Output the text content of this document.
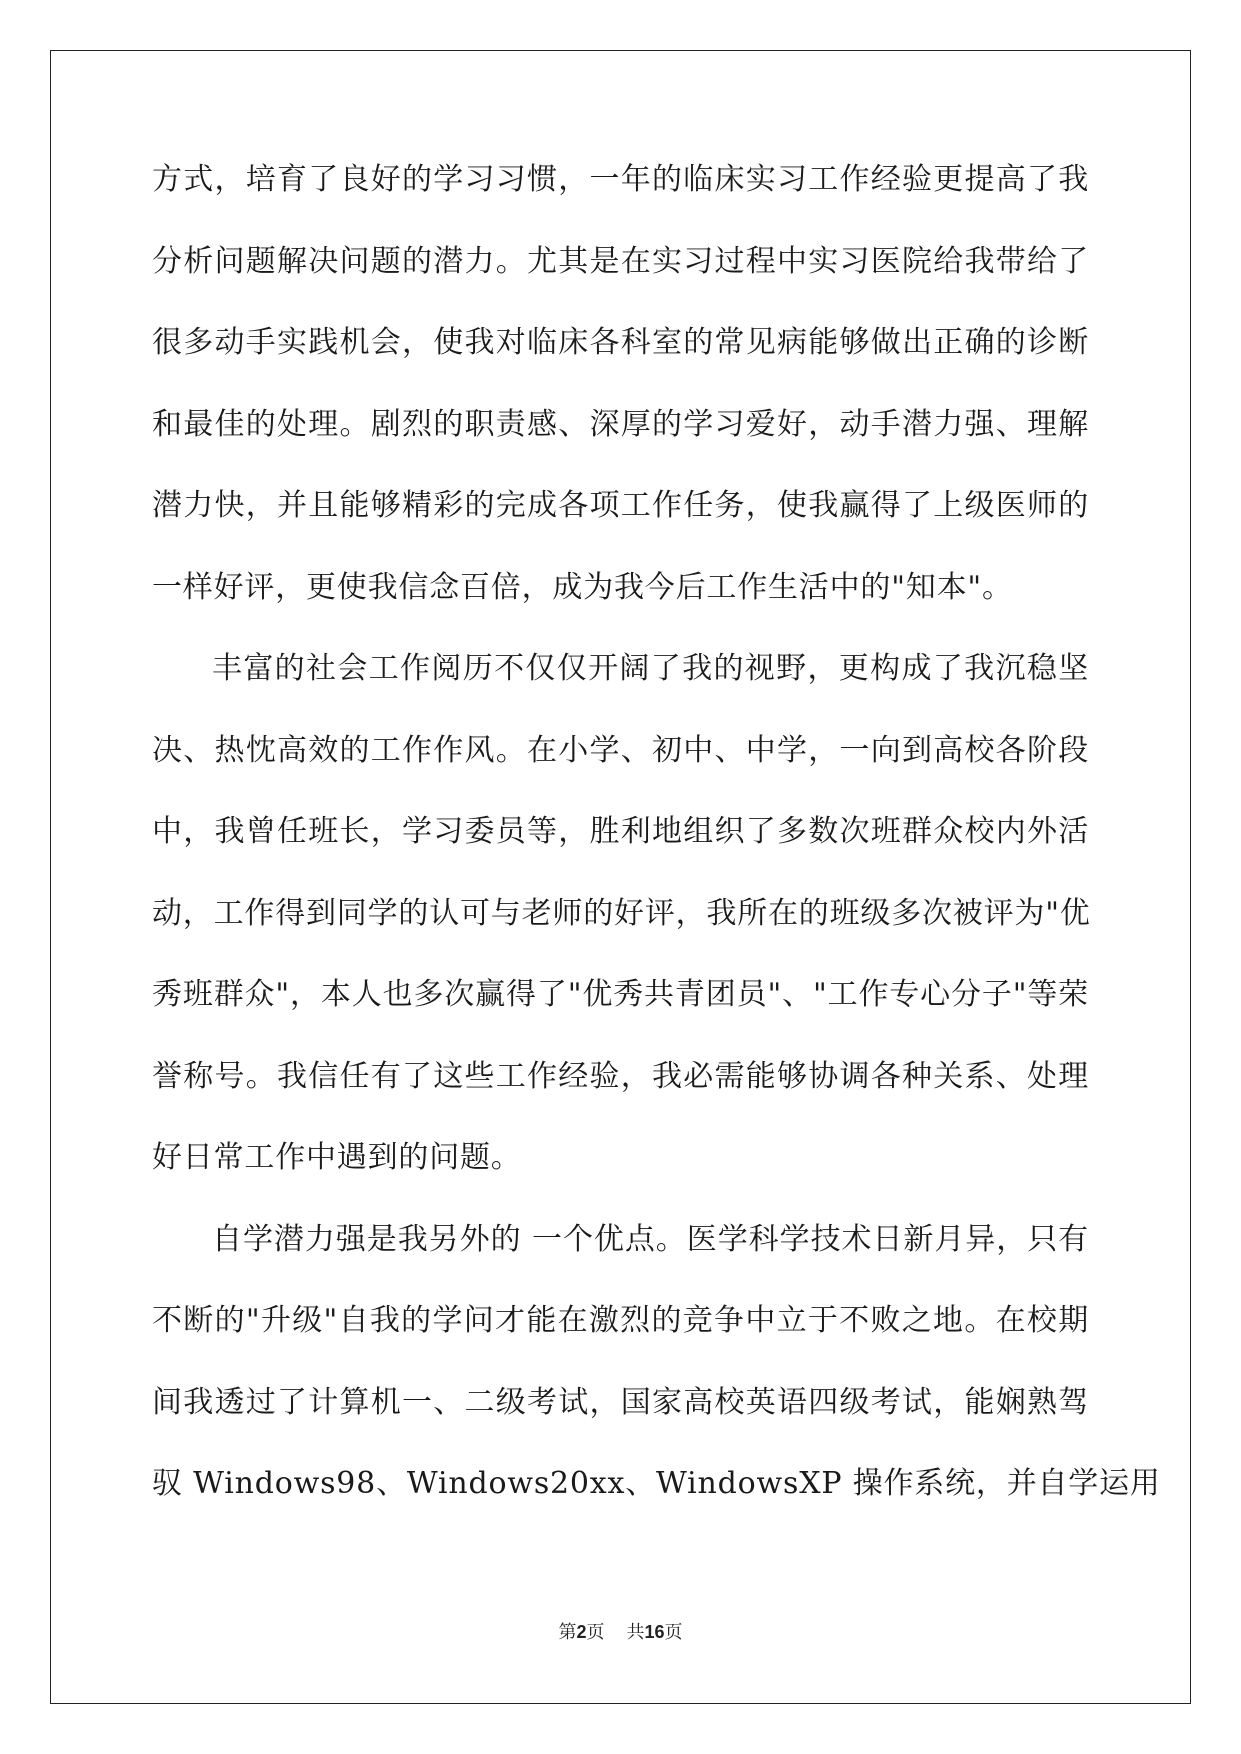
方式，培育了良好的学习习惯，一年的临床实习工作经验更提高了我
分析问题解决问题的潜力。尤其是在实习过程中实习医院给我带给了
很多动手实践机会，使我对临床各科室的常见病能够做出正确的诊断
和最佳的处理。剧烈的职责感、深厚的学习爱好，动手潜力强、理解
潜力快，并且能够精彩的完成各项工作任务，使我赢得了上级医师的
一样好评，更使我信念百倍，成为我今后工作生活中的"知本"。
丰富的社会工作阅历不仅仅开阔了我的视野，更构成了我沉稳坚
决、热忱高效的工作作风。在小学、初中、中学，一向到高校各阶段
中，我曾任班长，学习委员等，胜利地组织了多数次班群众校内外活
动，工作得到同学的认可与老师的好评，我所在的班级多次被评为"优
秀班群众"，本人也多次赢得了"优秀共青团员"、"工作专心分子"等荣
誉称号。我信任有了这些工作经验，我必需能够协调各种关系、处理
好日常工作中遇到的问题。
自学潜力强是我另外的 一个优点。医学科学技术日新月异，只有
不断的"升级"自我的学问才能在激烈的竞争中立于不败之地。在校期
间我透过了计算机一、二级考试，国家高校英语四级考试，能娴熟驾
驭 Windows98、Windows20xx、WindowsXP 操作系统，并自学运用
第2页 共16页
